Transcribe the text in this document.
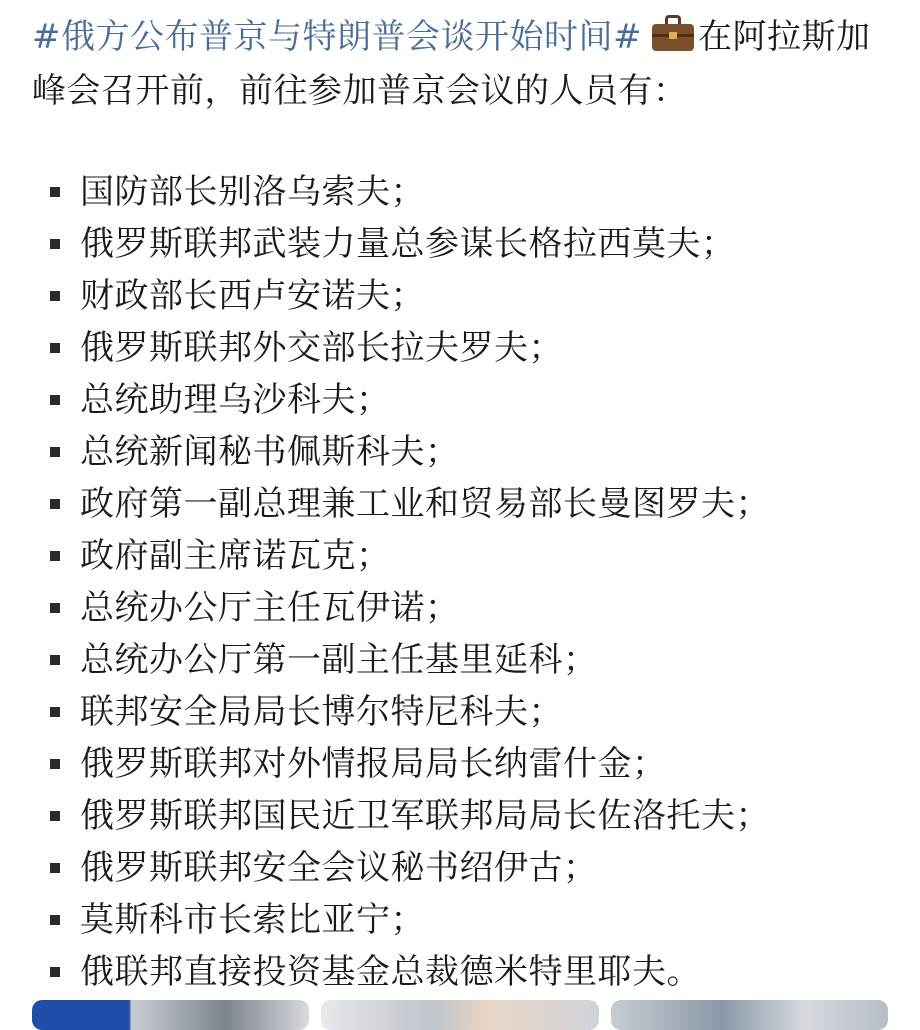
#俄方公布普京与特朗普会谈开始时间# 在阿拉斯加峰会召开前，前往参加普京会议的人员有：

国防部长别洛乌索夫；
俄罗斯联邦武装力量总参谋长格拉西莫夫；
财政部长西卢安诺夫；
俄罗斯联邦外交部长拉夫罗夫；
总统助理乌沙科夫；
总统新闻秘书佩斯科夫；
政府第一副总理兼工业和贸易部长曼图罗夫；
政府副主席诺瓦克；
总统办公厅主任瓦伊诺；
总统办公厅第一副主任基里延科；
联邦安全局局长博尔特尼科夫；
俄罗斯联邦对外情报局局长纳雷什金；
俄罗斯联邦国民近卫军联邦局局长佐洛托夫；
俄罗斯联邦安全会议秘书绍伊古；
莫斯科市长索比亚宁；
俄联邦直接投资基金总裁德米特里耶夫。
